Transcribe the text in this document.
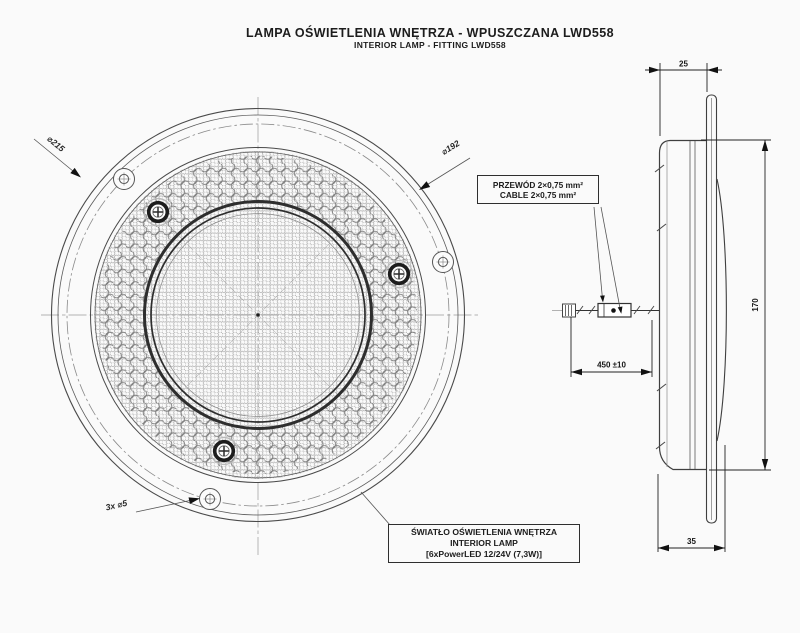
⌀215	⌀192
3x ⌀5
25
170
35
450 ±10
LAMPA OŚWIETLENIA WNĘTRZA - WPUSZCZANA LWD558
INTERIOR LAMP - FITTING LWD558
PRZEWÓD 2×0,75 mm²
CABLE 2×0,75 mm²
ŚWIATŁO OŚWIETLENIA WNĘTRZA
INTERIOR LAMP
[6xPowerLED 12/24V (7,3W)]
